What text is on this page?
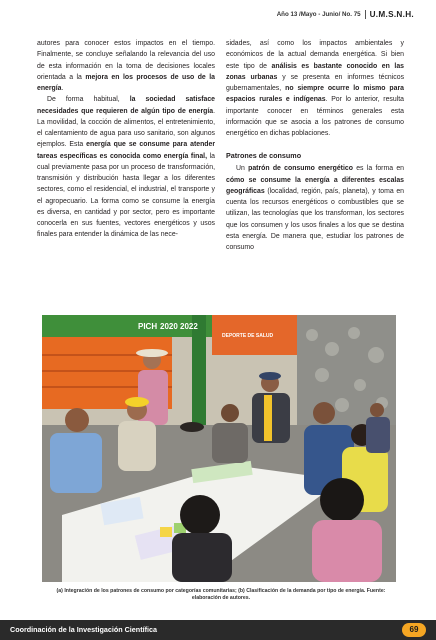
Año 13 /Mayo - Junio/ No. 75 U.M.S.N.H.

autores para conocer estos impactos en el tiempo. Finalmente, se concluye señalando la relevancia del uso de esta información en la toma de decisiones locales orientada a la mejora en los procesos de uso de la energía.

De forma habitual, la sociedad satisface necesidades que requieren de algún tipo de energía. La movilidad, la cocción de alimentos, el entretenimiento, el calentamiento de agua para uso sanitario, son algunos ejemplos. Esta energía que se consume para atender tareas específicas es conocida como energía final, la cual previamente pasa por un proceso de transformación, transmisión y distribución hasta llegar a los diferentes sectores, como el residencial, el industrial, el transporte y el agropecuario. La forma como se consume la energía es diversa, en cantidad y por sector, pero es importante conocerla en sus fuentes, vectores energéticos y usos finales para entender la dinámica de las nece-

sidades, así como los impactos ambientales y económicos de la actual demanda energética. Si bien este tipo de análisis es bastante conocido en las zonas urbanas y se presenta en informes técnicos gubernamentales, no siempre ocurre lo mismo para espacios rurales e indígenas. Por lo anterior, resulta importante conocer en términos generales esta información que se asocia a los patrones de consumo energético en dichas poblaciones.

Patrones de consumo

Un patrón de consumo energético es la forma en cómo se consume la energía a diferentes escalas geográficas (localidad, región, país, planeta), y toma en cuenta los recursos energéticos o combustibles que se utilizan, las tecnologías que los transforman, los sectores que los consumen y los usos finales a los que se destina esta energía. De manera que, estudiar los patrones de consumo

PICH 2020 2022
DEPORTE DE SALUD
(a) Integración de los patrones de consumo por categorías comunitarias; (b) Clasificación de la demanda por tipo de energía. Fuente: elaboración de autores.
Coordinación de la Investigación Científica	69
